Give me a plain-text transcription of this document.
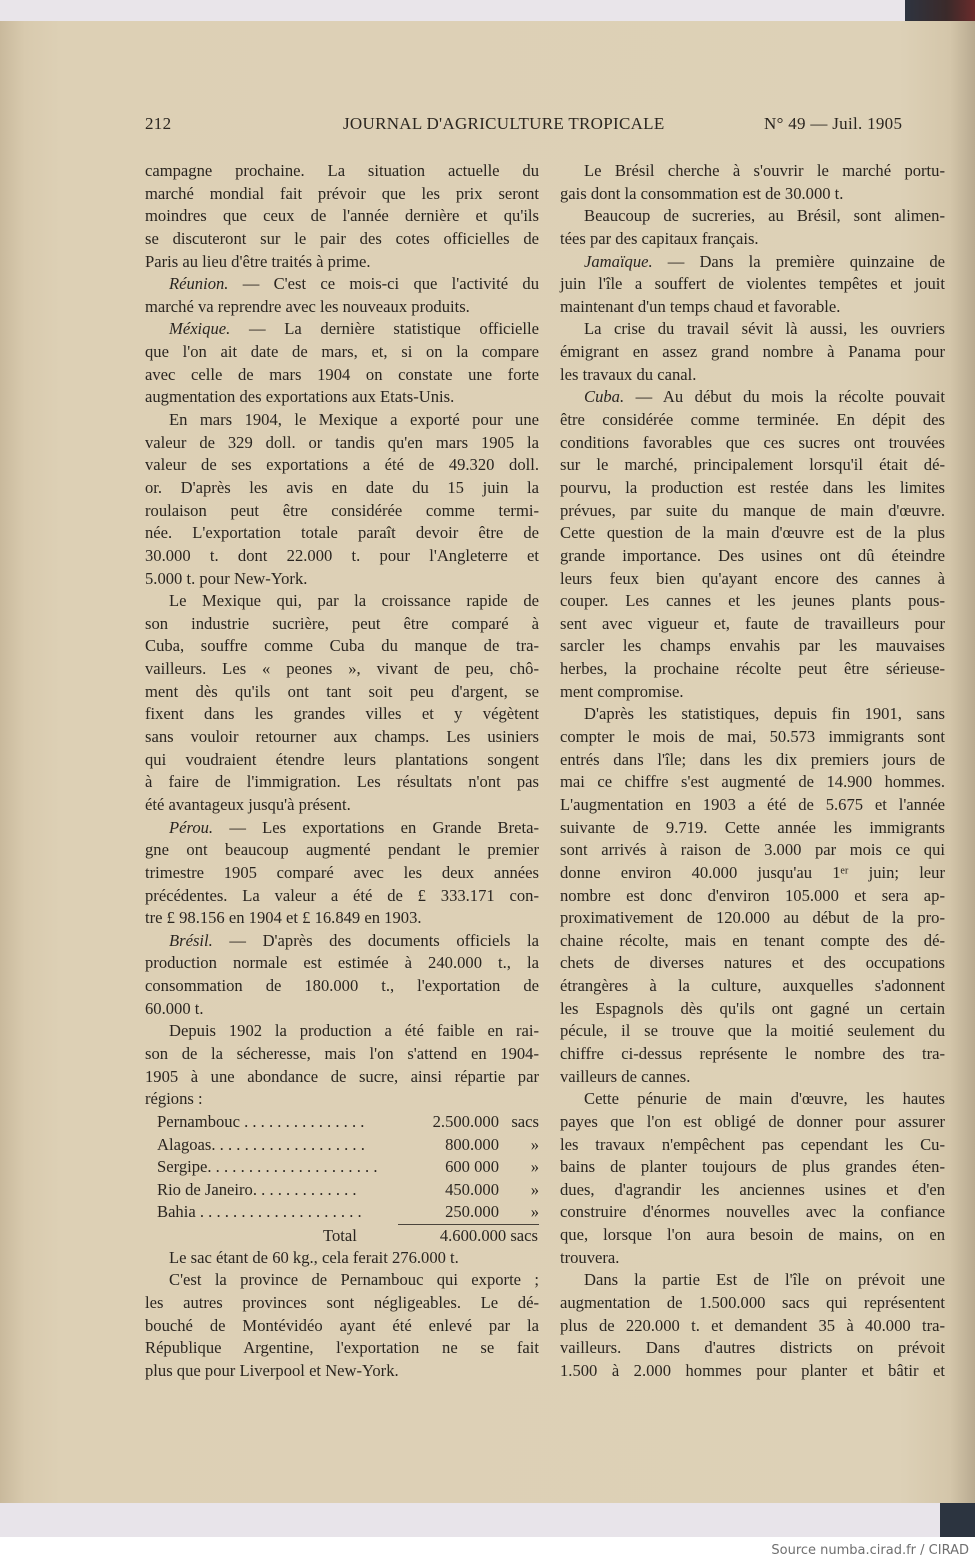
212	JOURNAL D'AGRICULTURE TROPICALE	N° 49 — Juil. 1905
campagne prochaine. La situation actuelle du
marché mondial fait prévoir que les prix seront
moindres que ceux de l'année dernière et qu'ils
se discuteront sur le pair des cotes officielles de
Paris au lieu d'être traités à prime.
Réunion. — C'est ce mois-ci que l'activité du
marché va reprendre avec les nouveaux produits.
Méxique. — La dernière statistique officielle
que l'on ait date de mars, et, si on la compare
avec celle de mars 1904 on constate une forte
augmentation des exportations aux Etats-Unis.
En mars 1904, le Mexique a exporté pour une
valeur de 329 doll. or tandis qu'en mars 1905 la
valeur de ses exportations a été de 49.320 doll.
or. D'après les avis en date du 15 juin la
roulaison peut être considérée comme termi-
née. L'exportation totale paraît devoir être de
30.000 t. dont 22.000 t. pour l'Angleterre et
5.000 t. pour New-York.
Le Mexique qui, par la croissance rapide de
son industrie sucrière, peut être comparé à
Cuba, souffre comme Cuba du manque de tra-
vailleurs. Les « peones », vivant de peu, chô-
ment dès qu'ils ont tant soit peu d'argent, se
fixent dans les grandes villes et y végètent
sans vouloir retourner aux champs. Les usiniers
qui voudraient étendre leurs plantations songent
à faire de l'immigration. Les résultats n'ont pas
été avantageux jusqu'à présent.
Pérou. — Les exportations en Grande Breta-
gne ont beaucoup augmenté pendant le premier
trimestre 1905 comparé avec les deux années
précédentes. La valeur a été de £ 333.171 con-
tre £ 98.156 en 1904 et £ 16.849 en 1903.
Brésil. — D'après des documents officiels la
production normale est estimée à 240.000 t., la
consommation de 180.000 t., l'exportation de
60.000 t.
Depuis 1902 la production a été faible en rai-
son de la sécheresse, mais l'on s'attend en 1904-
1905 à une abondance de sucre, ainsi répartie par
régions :
Pernambouc . . . . . . . . . . . . . . .	2.500.000 sacs
Alagoas. . . . . . . . . . . . . . . . . . .	800.000	»
Sergipe. . . . . . . . . . . . . . . . . . . . .	600 000	»
Rio de Janeiro. . . . . . . . . . . . .	450.000	»
Bahia . . . . . . . . . . . . . . . . . . . .	250.000	»
Total	4.600.000 sacs
Le sac étant de 60 kg., cela ferait 276.000 t.
C'est la province de Pernambouc qui exporte ;
les autres provinces sont négligeables. Le dé-
bouché de Montévidéo ayant été enlevé par la
République Argentine, l'exportation ne se fait
plus que pour Liverpool et New-York.
Le Brésil cherche à s'ouvrir le marché portu-
gais dont la consommation est de 30.000 t.
Beaucoup de sucreries, au Brésil, sont alimen-
tées par des capitaux français.
Jamaïque. — Dans la première quinzaine de
juin l'île a souffert de violentes tempêtes et jouit
maintenant d'un temps chaud et favorable.
La crise du travail sévit là aussi, les ouvriers
émigrant en assez grand nombre à Panama pour
les travaux du canal.
Cuba. — Au début du mois la récolte pouvait
être considérée comme terminée. En dépit des
conditions favorables que ces sucres ont trouvées
sur le marché, principalement lorsqu'il était dé-
pourvu, la production est restée dans les limites
prévues, par suite du manque de main d'œuvre.
Cette question de la main d'œuvre est de la plus
grande importance. Des usines ont dû éteindre
leurs feux bien qu'ayant encore des cannes à
couper. Les cannes et les jeunes plants pous-
sent avec vigueur et, faute de travailleurs pour
sarcler les champs envahis par les mauvaises
herbes, la prochaine récolte peut être sérieuse-
ment compromise.
D'après les statistiques, depuis fin 1901, sans
compter le mois de mai, 50.573 immigrants sont
entrés dans l'île; dans les dix premiers jours de
mai ce chiffre s'est augmenté de 14.900 hommes.
L'augmentation en 1903 a été de 5.675 et l'année
suivante de 9.719. Cette année les immigrants
sont arrivés à raison de 3.000 par mois ce qui
donne environ 40.000 jusqu'au 1ᵉʳ juin; leur
nombre est donc d'environ 105.000 et sera ap-
proximativement de 120.000 au début de la pro-
chaine récolte, mais en tenant compte des dé-
chets de diverses natures et des occupations
étrangères à la culture, auxquelles s'adonnent
les Espagnols dès qu'ils ont gagné un certain
pécule, il se trouve que la moitié seulement du
chiffre ci-dessus représente le nombre des tra-
vailleurs de cannes.
Cette pénurie de main d'œuvre, les hautes
payes que l'on est obligé de donner pour assurer
les travaux n'empêchent pas cependant les Cu-
bains de planter toujours de plus grandes éten-
dues, d'agrandir les anciennes usines et d'en
construire d'énormes nouvelles avec la confiance
que, lorsque l'on aura besoin de mains, on en
trouvera.
Dans la partie Est de l'île on prévoit une
augmentation de 1.500.000 sacs qui représentent
plus de 220.000 t. et demandent 35 à 40.000 tra-
vailleurs. Dans d'autres districts on prévoit
1.500 à 2.000 hommes pour planter et bâtir et
Source numba.cirad.fr / CIRAD
